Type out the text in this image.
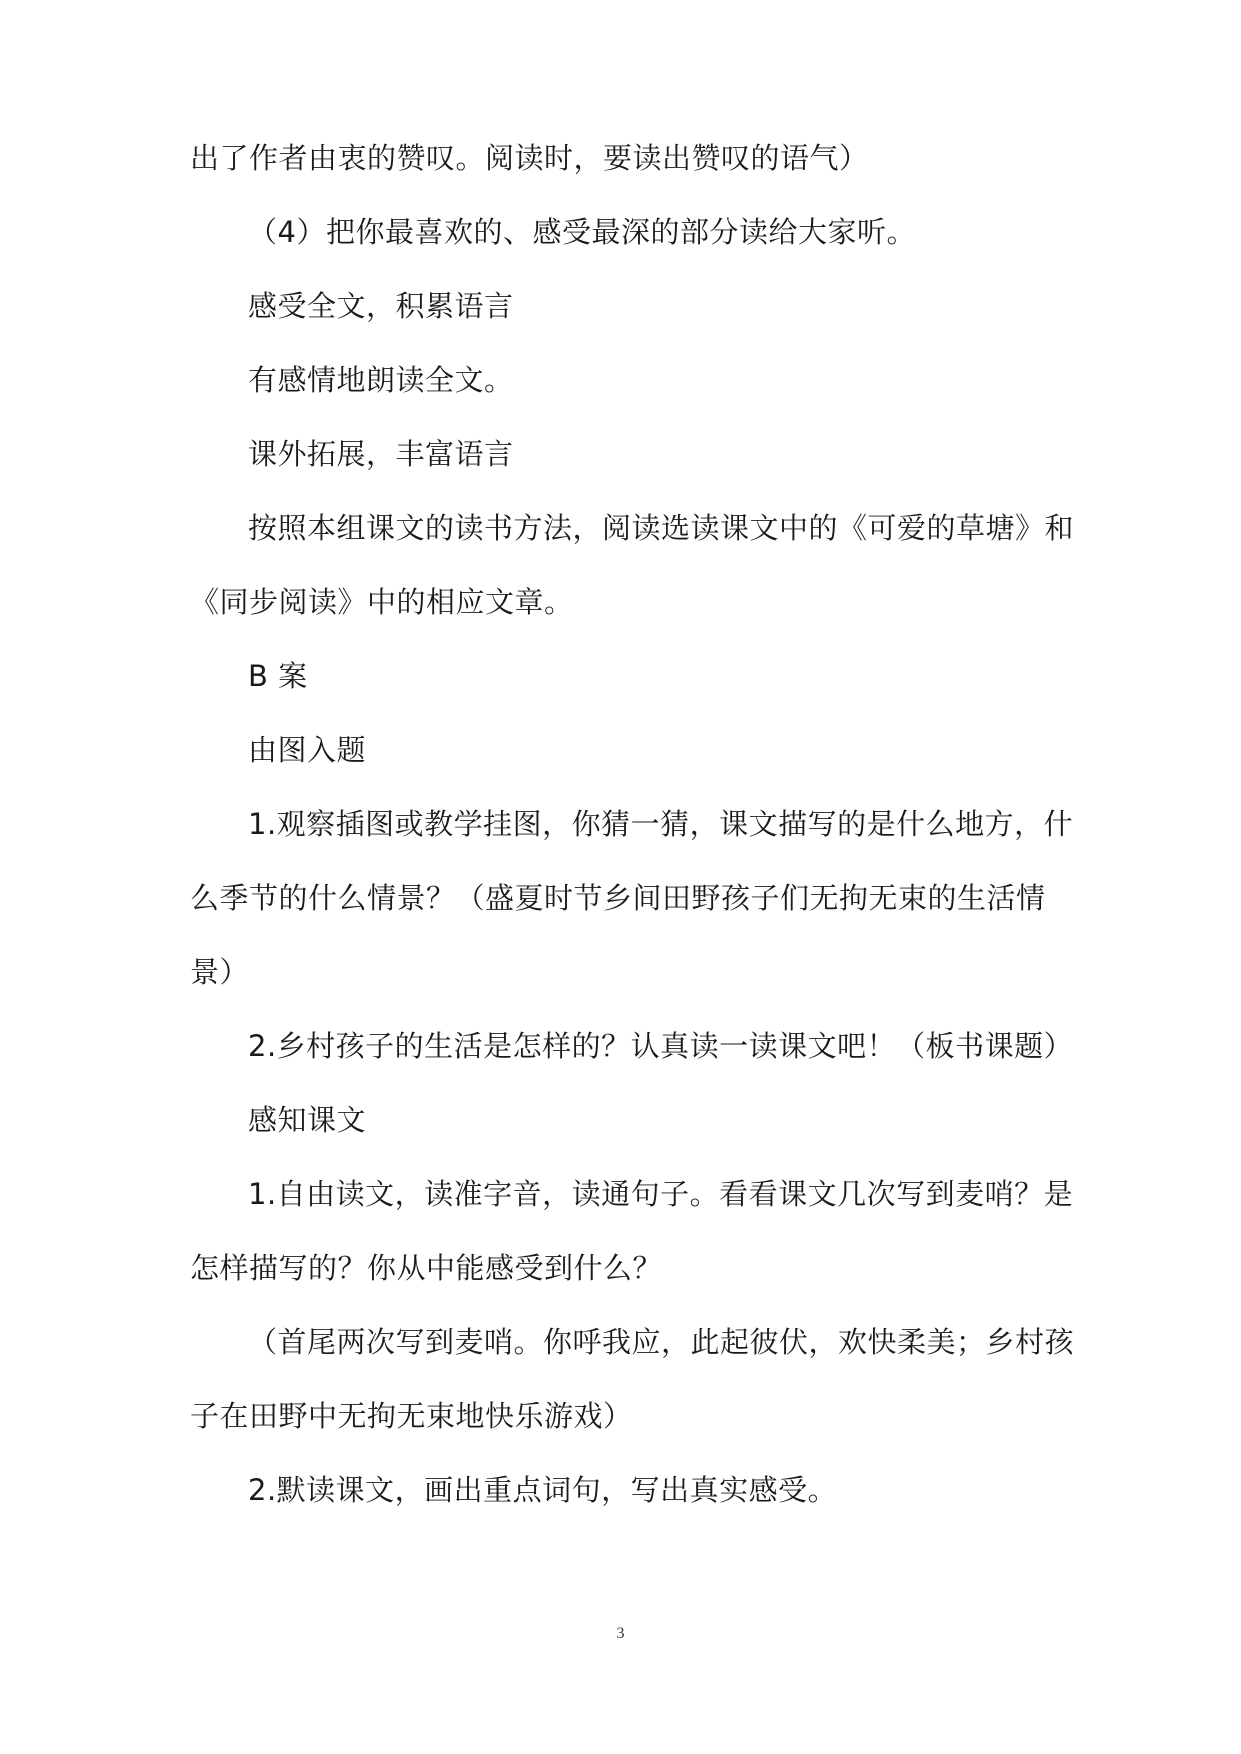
出了作者由衷的赞叹。阅读时，要读出赞叹的语气）
（4）把你最喜欢的、感受最深的部分读给大家听。
感受全文，积累语言
有感情地朗读全文。
课外拓展，丰富语言
按照本组课文的读书方法，阅读选读课文中的《可爱的草塘》和
《同步阅读》中的相应文章。
B 案
由图入题
1.观察插图或教学挂图，你猜一猜，课文描写的是什么地方，什
么季节的什么情景？（盛夏时节乡间田野孩子们无拘无束的生活情
景）
2.乡村孩子的生活是怎样的？认真读一读课文吧！（板书课题）
感知课文
1.自由读文，读准字音，读通句子。看看课文几次写到麦哨？是
怎样描写的？你从中能感受到什么？
（首尾两次写到麦哨。你呼我应，此起彼伏，欢快柔美；乡村孩
子在田野中无拘无束地快乐游戏）
2.默读课文，画出重点词句，写出真实感受。
3
